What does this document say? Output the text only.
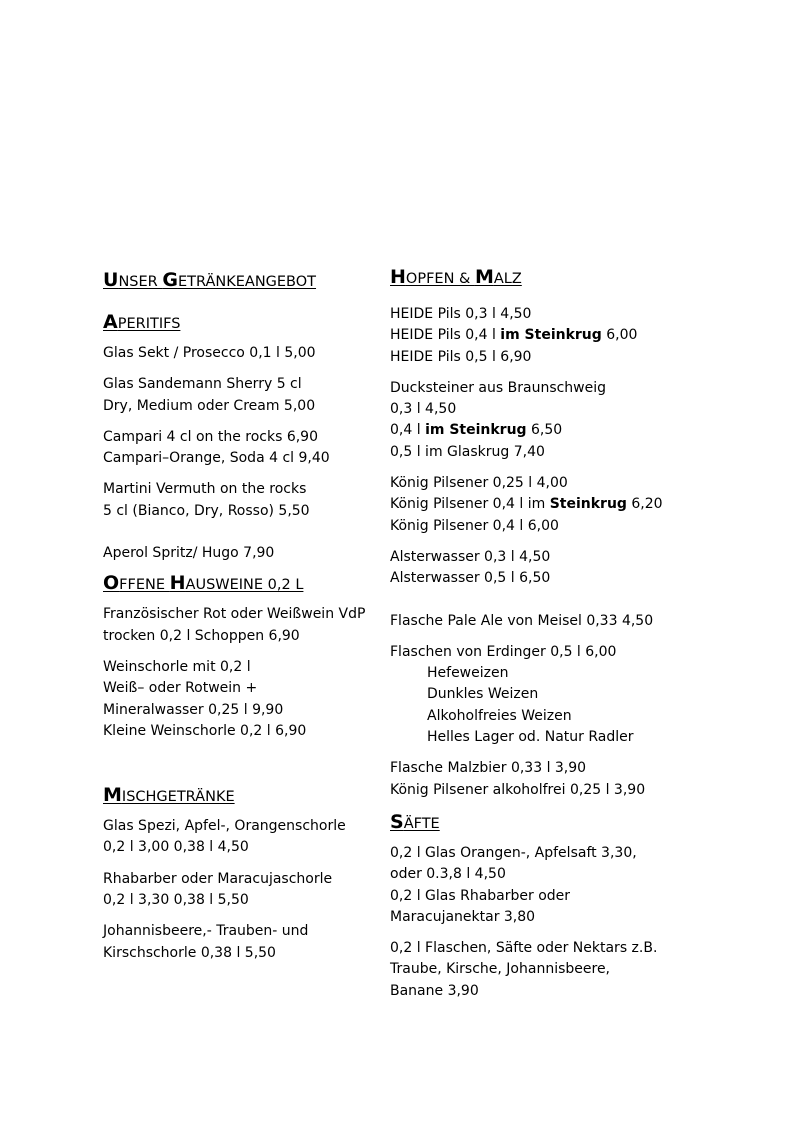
UNSER GETRÄNKEANGEBOT
APERITIFS

Glas Sekt / Prosecco 0,1 l 5,00

Glas Sandemann Sherry 5 cl
Dry, Medium oder Cream 5,00

Campari 4 cl on the rocks 6,90
Campari–Orange, Soda 4 cl 9,40

Martini Vermuth on the rocks
5 cl (Bianco, Dry, Rosso) 5,50

Aperol Spritz/ Hugo 7,90

OFFENE HAUSWEINE 0,2 L

Französischer Rot oder Weißwein VdP
trocken 0,2 l Schoppen 6,90

Weinschorle mit 0,2 l
Weiß– oder Rotwein +
Mineralwasser 0,25 l 9,90
Kleine Weinschorle 0,2 l 6,90

MISCHGETRÄNKE

Glas Spezi, Apfel-, Orangenschorle
0,2 l 3,00 0,38 l 4,50

Rhabarber oder Maracujaschorle
0,2 l 3,30 0,38 l 5,50

Johannisbeere,- Trauben- und
Kirschschorle 0,38 l 5,50

HOPFEN & MALZ

HEIDE Pils 0,3 l 4,50
HEIDE Pils 0,4 l im Steinkrug 6,00
HEIDE Pils 0,5 l 6,90

Ducksteiner aus Braunschweig
0,3 l 4,50
0,4 l im Steinkrug 6,50
0,5 l im Glaskrug 7,40

König Pilsener 0,25 l 4,00
König Pilsener 0,4 l im Steinkrug 6,20
König Pilsener 0,4 l 6,00

Alsterwasser 0,3 l 4,50
Alsterwasser 0,5 l 6,50

Flasche Pale Ale von Meisel 0,33 4,50

Flaschen von Erdinger 0,5 l 6,00
Hefeweizen
Dunkles Weizen
Alkoholfreies Weizen
Helles Lager od. Natur Radler

Flasche Malzbier 0,33 l 3,90
König Pilsener alkoholfrei 0,25 l 3,90

SÄFTE

0,2 l Glas Orangen-, Apfelsaft 3,30,
oder 0.3,8 l 4,50
0,2 l Glas Rhabarber oder
Maracujanektar 3,80

0,2 l Flaschen, Säfte oder Nektars z.B.
Traube, Kirsche, Johannisbeere,
Banane 3,90
